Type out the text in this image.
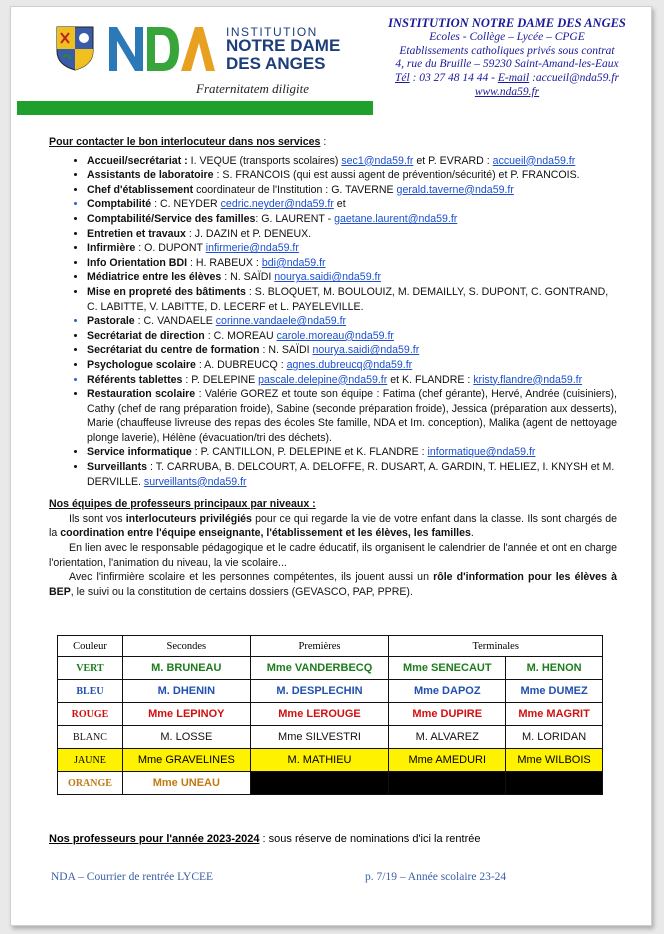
INSTITUTION
NOTRE DAME
DES ANGES
Fraternitatem diligite
INSTITUTION NOTRE DAME DES ANGES
Ecoles - Collège – Lycée – CPGE
Etablissements catholiques privés sous contrat
4, rue du Bruille – 59230 Saint-Amand-les-Eaux
Tél : 03 27 48 14 44 - E-mail :accueil@nda59.fr
www.nda59.fr
Pour contacter le bon interlocuteur dans nos services :
• Accueil/secrétariat : I. VEQUE (transports scolaires) sec1@nda59.fr et P. EVRARD : accueil@nda59.fr
• Assistants de laboratoire : S. FRANCOIS (qui est aussi agent de prévention/sécurité) et P. FRANCOIS.
• Chef d'établissement coordinateur de l'Institution : G. TAVERNE gerald.taverne@nda59.fr
• Comptabilité : C. NEYDER cedric.neyder@nda59.fr et
• Comptabilité/Service des familles: G. LAURENT - gaetane.laurent@nda59.fr
• Entretien et travaux : J. DAZIN et P. DENEUX.
• Infirmière : O. DUPONT infirmerie@nda59.fr
• Info Orientation BDI : H. RABEUX : bdi@nda59.fr
• Médiatrice entre les élèves : N. SAÏDI nourya.saidi@nda59.fr
• Mise en propreté des bâtiments : S. BLOQUET, M. BOULOUIZ, M. DEMAILLY, S. DUPONT, C. GONTRAND, C. LABITTE, V. LABITTE, D. LECERF et L. PAYELEVILLE.
• Pastorale : C. VANDAELE corinne.vandaele@nda59.fr
• Secrétariat de direction : C. MOREAU carole.moreau@nda59.fr
• Secrétariat du centre de formation : N. SAÏDI nourya.saidi@nda59.fr
• Psychologue scolaire : A. DUBREUCQ : agnes.dubreucq@nda59.fr
• Référents tablettes : P. DELEPINE pascale.delepine@nda59.fr et K. FLANDRE : kristy.flandre@nda59.fr
• Restauration scolaire : Valérie GOREZ et toute son équipe : Fatima (chef gérante), Hervé, Andrée (cuisiniers), Cathy (chef de rang préparation froide), Sabine (seconde préparation froide), Jessica (préparation aux desserts), Marie (chauffeuse livreuse des repas des écoles Ste famille, NDA et Im. conception), Malika (agent de nettoyage plonge laverie), Hélène (évacuation/tri des déchets).
• Service informatique : P. CANTILLON, P. DELEPINE et K. FLANDRE : informatique@nda59.fr
• Surveillants : T. CARRUBA, B. DELCOURT, A. DELOFFE, R. DUSART, A. GARDIN, T. HELIEZ, I. KNYSH et M. DERVILLE. surveillants@nda59.fr
Nos équipes de professeurs principaux par niveaux :

Ils sont vos interlocuteurs privilégiés pour ce qui regarde la vie de votre enfant dans la classe. Ils sont chargés de la coordination entre l'équipe enseignante, l'établissement et les élèves, les familles.

En lien avec le responsable pédagogique et le cadre éducatif, ils organisent le calendrier de l'année et ont en charge l'orientation, l'animation du niveau, la vie scolaire...

Avec l'infirmière scolaire et les personnes compétentes, ils jouent aussi un rôle d'information pour les élèves à BEP, le suivi ou la constitution de certains dossiers (GEVASCO, PAP, PPRE).

Couleur	Secondes	Premières	Terminales	
VERT	M. BRUNEAU	Mme VANDERBECQ	Mme SENECAUT	M. HENON
BLEU	M. DHENIN	M. DESPLECHIN	Mme DAPOZ	Mme DUMEZ
ROUGE	Mme LEPINOY	Mme LEROUGE	Mme DUPIRE	Mme MAGRIT
BLANC	M. LOSSE	Mme SILVESTRI	M. ALVAREZ	M. LORIDAN
JAUNE	Mme GRAVELINES	M. MATHIEU	Mme AMEDURI	Mme WILBOIS
ORANGE	Mme UNEAU			
Nos professeurs pour l'année 2023-2024 : sous réserve de nominations d'ici la rentrée
NDA – Courrier de rentrée LYCEE	p. 7/19 – Année scolaire 23-24
